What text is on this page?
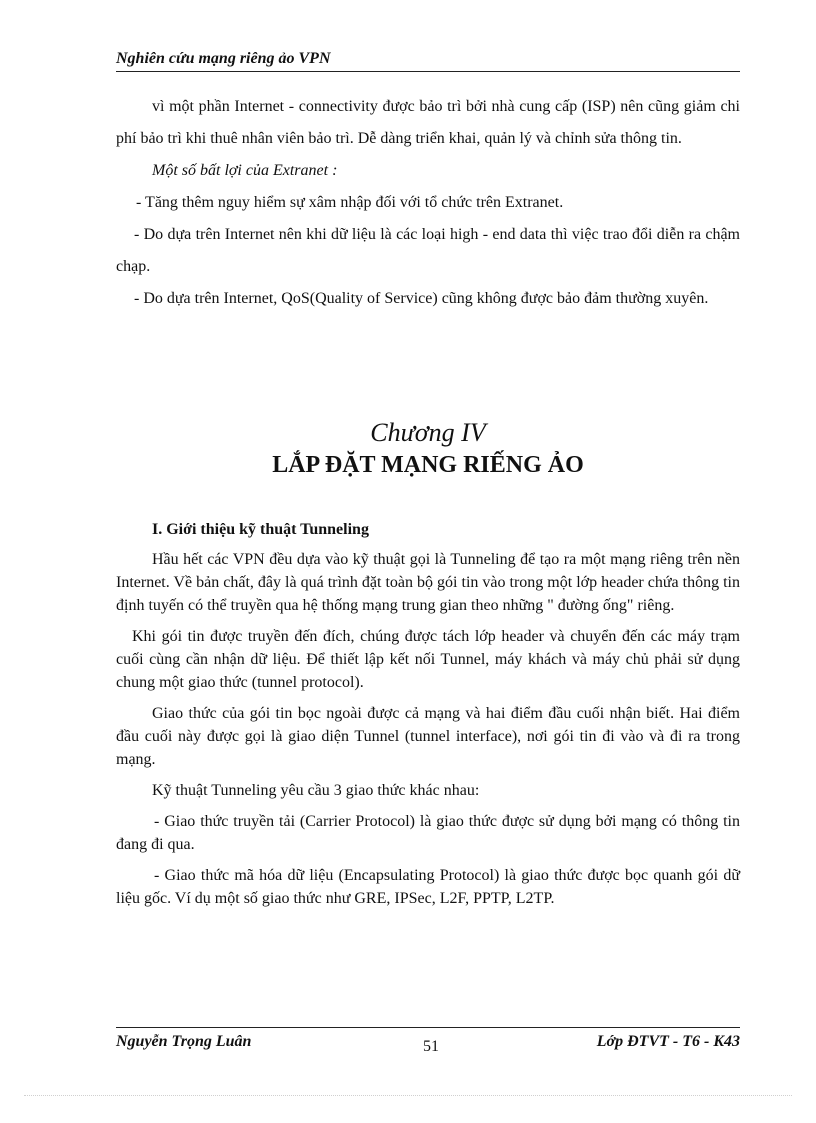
Nghiên cứu mạng riêng ảo VPN
vì một phần Internet - connectivity được bảo trì bởi nhà cung cấp (ISP) nên cũng giảm chi phí bảo trì khi thuê nhân viên bảo trì. Dễ dàng triển khai, quản lý và chỉnh sửa thông tin.
Một số bất lợi của Extranet :
- Tăng thêm nguy hiểm sự xâm nhập đối với tổ chức trên Extranet.
- Do dựa trên Internet nên khi dữ liệu là các loại high - end data thì việc trao đổi diễn ra chậm chạp.
- Do dựa trên Internet, QoS(Quality of Service) cũng không được bảo đảm thường xuyên.
Chương IV
LẮP ĐẶT MẠNG RIẾNG ẢO
I. Giới thiệu kỹ thuật Tunneling

Hầu hết các VPN đều dựa vào kỹ thuật gọi là Tunneling để tạo ra một mạng riêng trên nền Internet. Về bản chất, đây là quá trình đặt toàn bộ gói tin vào trong một lớp header chứa thông tin định tuyến có thể truyền qua hệ thống mạng trung gian theo những " đường ống" riêng.

Khi gói tin được truyền đến đích, chúng được tách lớp header và chuyển đến các máy trạm cuối cùng cần nhận dữ liệu. Để thiết lập kết nối Tunnel, máy khách và máy chủ phải sử dụng chung một giao thức (tunnel protocol).

Giao thức của gói tin bọc ngoài được cả mạng và hai điểm đầu cuối nhận biết. Hai điểm đầu cuối này được gọi là giao diện Tunnel (tunnel interface), nơi gói tin đi vào và đi ra trong mạng.

Kỹ thuật Tunneling yêu cầu 3 giao thức khác nhau:

- Giao thức truyền tải (Carrier Protocol) là giao thức được sử dụng bởi mạng có thông tin đang đi qua.

- Giao thức mã hóa dữ liệu (Encapsulating Protocol) là giao thức được bọc quanh gói dữ liệu gốc. Ví dụ một số giao thức như GRE, IPSec, L2F, PPTP, L2TP.

Nguyễn Trọng Luân	51	Lớp ĐTVT - T6 - K43
